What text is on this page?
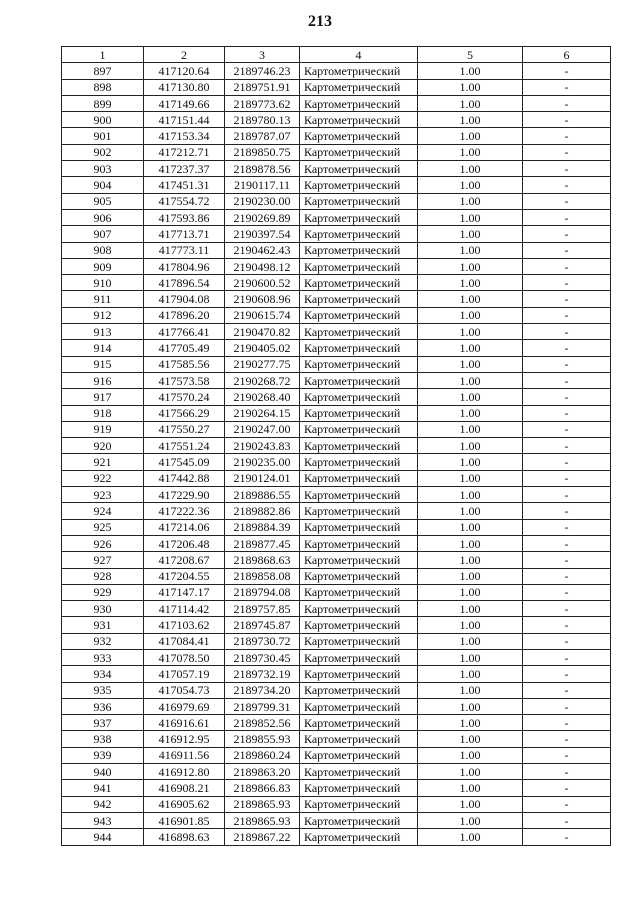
213
1	2	3	4	5	6
897	417120.64	2189746.23	Картометрический	1.00	-
898	417130.80	2189751.91	Картометрический	1.00	-
899	417149.66	2189773.62	Картометрический	1.00	-
900	417151.44	2189780.13	Картометрический	1.00	-
901	417153.34	2189787.07	Картометрический	1.00	-
902	417212.71	2189850.75	Картометрический	1.00	-
903	417237.37	2189878.56	Картометрический	1.00	-
904	417451.31	2190117.11	Картометрический	1.00	-
905	417554.72	2190230.00	Картометрический	1.00	-
906	417593.86	2190269.89	Картометрический	1.00	-
907	417713.71	2190397.54	Картометрический	1.00	-
908	417773.11	2190462.43	Картометрический	1.00	-
909	417804.96	2190498.12	Картометрический	1.00	-
910	417896.54	2190600.52	Картометрический	1.00	-
911	417904.08	2190608.96	Картометрический	1.00	-
912	417896.20	2190615.74	Картометрический	1.00	-
913	417766.41	2190470.82	Картометрический	1.00	-
914	417705.49	2190405.02	Картометрический	1.00	-
915	417585.56	2190277.75	Картометрический	1.00	-
916	417573.58	2190268.72	Картометрический	1.00	-
917	417570.24	2190268.40	Картометрический	1.00	-
918	417566.29	2190264.15	Картометрический	1.00	-
919	417550.27	2190247.00	Картометрический	1.00	-
920	417551.24	2190243.83	Картометрический	1.00	-
921	417545.09	2190235.00	Картометрический	1.00	-
922	417442.88	2190124.01	Картометрический	1.00	-
923	417229.90	2189886.55	Картометрический	1.00	-
924	417222.36	2189882.86	Картометрический	1.00	-
925	417214.06	2189884.39	Картометрический	1.00	-
926	417206.48	2189877.45	Картометрический	1.00	-
927	417208.67	2189868.63	Картометрический	1.00	-
928	417204.55	2189858.08	Картометрический	1.00	-
929	417147.17	2189794.08	Картометрический	1.00	-
930	417114.42	2189757.85	Картометрический	1.00	-
931	417103.62	2189745.87	Картометрический	1.00	-
932	417084.41	2189730.72	Картометрический	1.00	-
933	417078.50	2189730.45	Картометрический	1.00	-
934	417057.19	2189732.19	Картометрический	1.00	-
935	417054.73	2189734.20	Картометрический	1.00	-
936	416979.69	2189799.31	Картометрический	1.00	-
937	416916.61	2189852.56	Картометрический	1.00	-
938	416912.95	2189855.93	Картометрический	1.00	-
939	416911.56	2189860.24	Картометрический	1.00	-
940	416912.80	2189863.20	Картометрический	1.00	-
941	416908.21	2189866.83	Картометрический	1.00	-
942	416905.62	2189865.93	Картометрический	1.00	-
943	416901.85	2189865.93	Картометрический	1.00	-
944	416898.63	2189867.22	Картометрический	1.00	-
